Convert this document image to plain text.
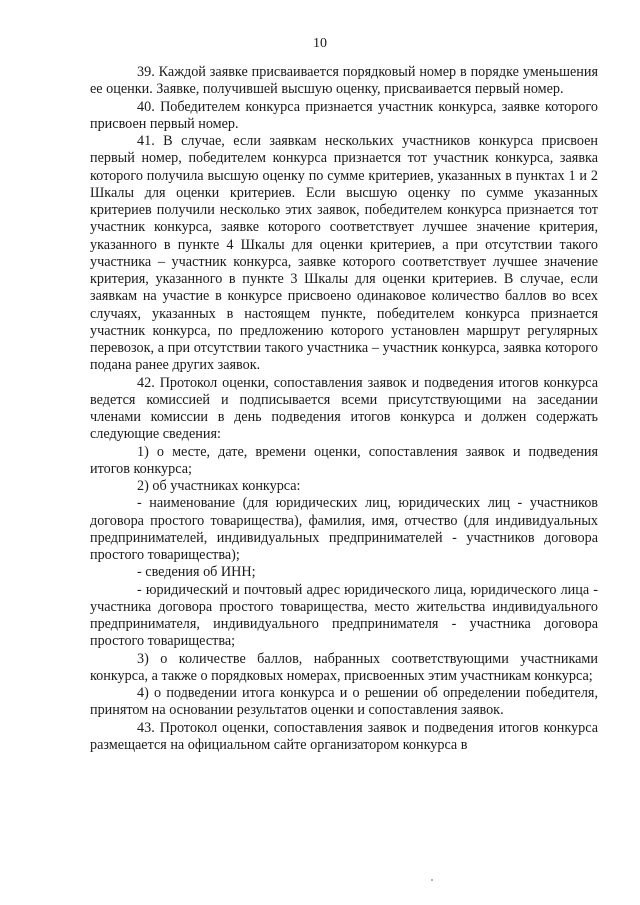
10

39. Каждой заявке присваивается порядковый номер в порядке уменьшения ее оценки. Заявке, получившей высшую оценку, присваивается первый номер.

40. Победителем конкурса признается участник конкурса, заявке которого присвоен первый номер.

41. В случае, если заявкам нескольких участников конкурса присвоен первый номер, победителем конкурса признается тот участник конкурса, заявка которого получила высшую оценку по сумме критериев, указанных в пунктах 1 и 2 Шкалы для оценки критериев. Если высшую оценку по сумме указанных критериев получили несколько этих заявок, победителем конкурса признается тот участник конкурса, заявке которого соответствует лучшее значение критерия, указанного в пункте 4 Шкалы для оценки критериев, а при отсутствии такого участника – участник конкурса, заявке которого соответствует лучшее значение критерия, указанного в пункте 3 Шкалы для оценки критериев. В случае, если заявкам на участие в конкурсе присвоено одинаковое количество баллов во всех случаях, указанных в настоящем пункте, победителем конкурса признается участник конкурса, по предложению которого установлен маршрут регулярных перевозок, а при отсутствии такого участника – участник конкурса, заявка которого подана ранее других заявок.

42. Протокол оценки, сопоставления заявок и подведения итогов конкурса ведется комиссией и подписывается всеми присутствующими на заседании членами комиссии в день подведения итогов конкурса и должен содержать следующие сведения:

1) о месте, дате, времени оценки, сопоставления заявок и подведения итогов конкурса;

2) об участниках конкурса:

- наименование (для юридических лиц, юридических лиц - участников договора простого товарищества), фамилия, имя, отчество (для индивидуальных предпринимателей, индивидуальных предпринимателей - участников договора простого товарищества);

- сведения об ИНН;

- юридический и почтовый адрес юридического лица, юридического лица - участника договора простого товарищества, место жительства индивидуального предпринимателя, индивидуального предпринимателя - участника договора простого товарищества;

3) о количестве баллов, набранных соответствующими участниками конкурса, а также о порядковых номерах, присвоенных этим участникам конкурса;

4) о подведении итога конкурса и о решении об определении победителя, принятом на основании результатов оценки и сопоставления заявок.

43. Протокол оценки, сопоставления заявок и подведения итогов конкурса размещается на официальном сайте организатором конкурса в
